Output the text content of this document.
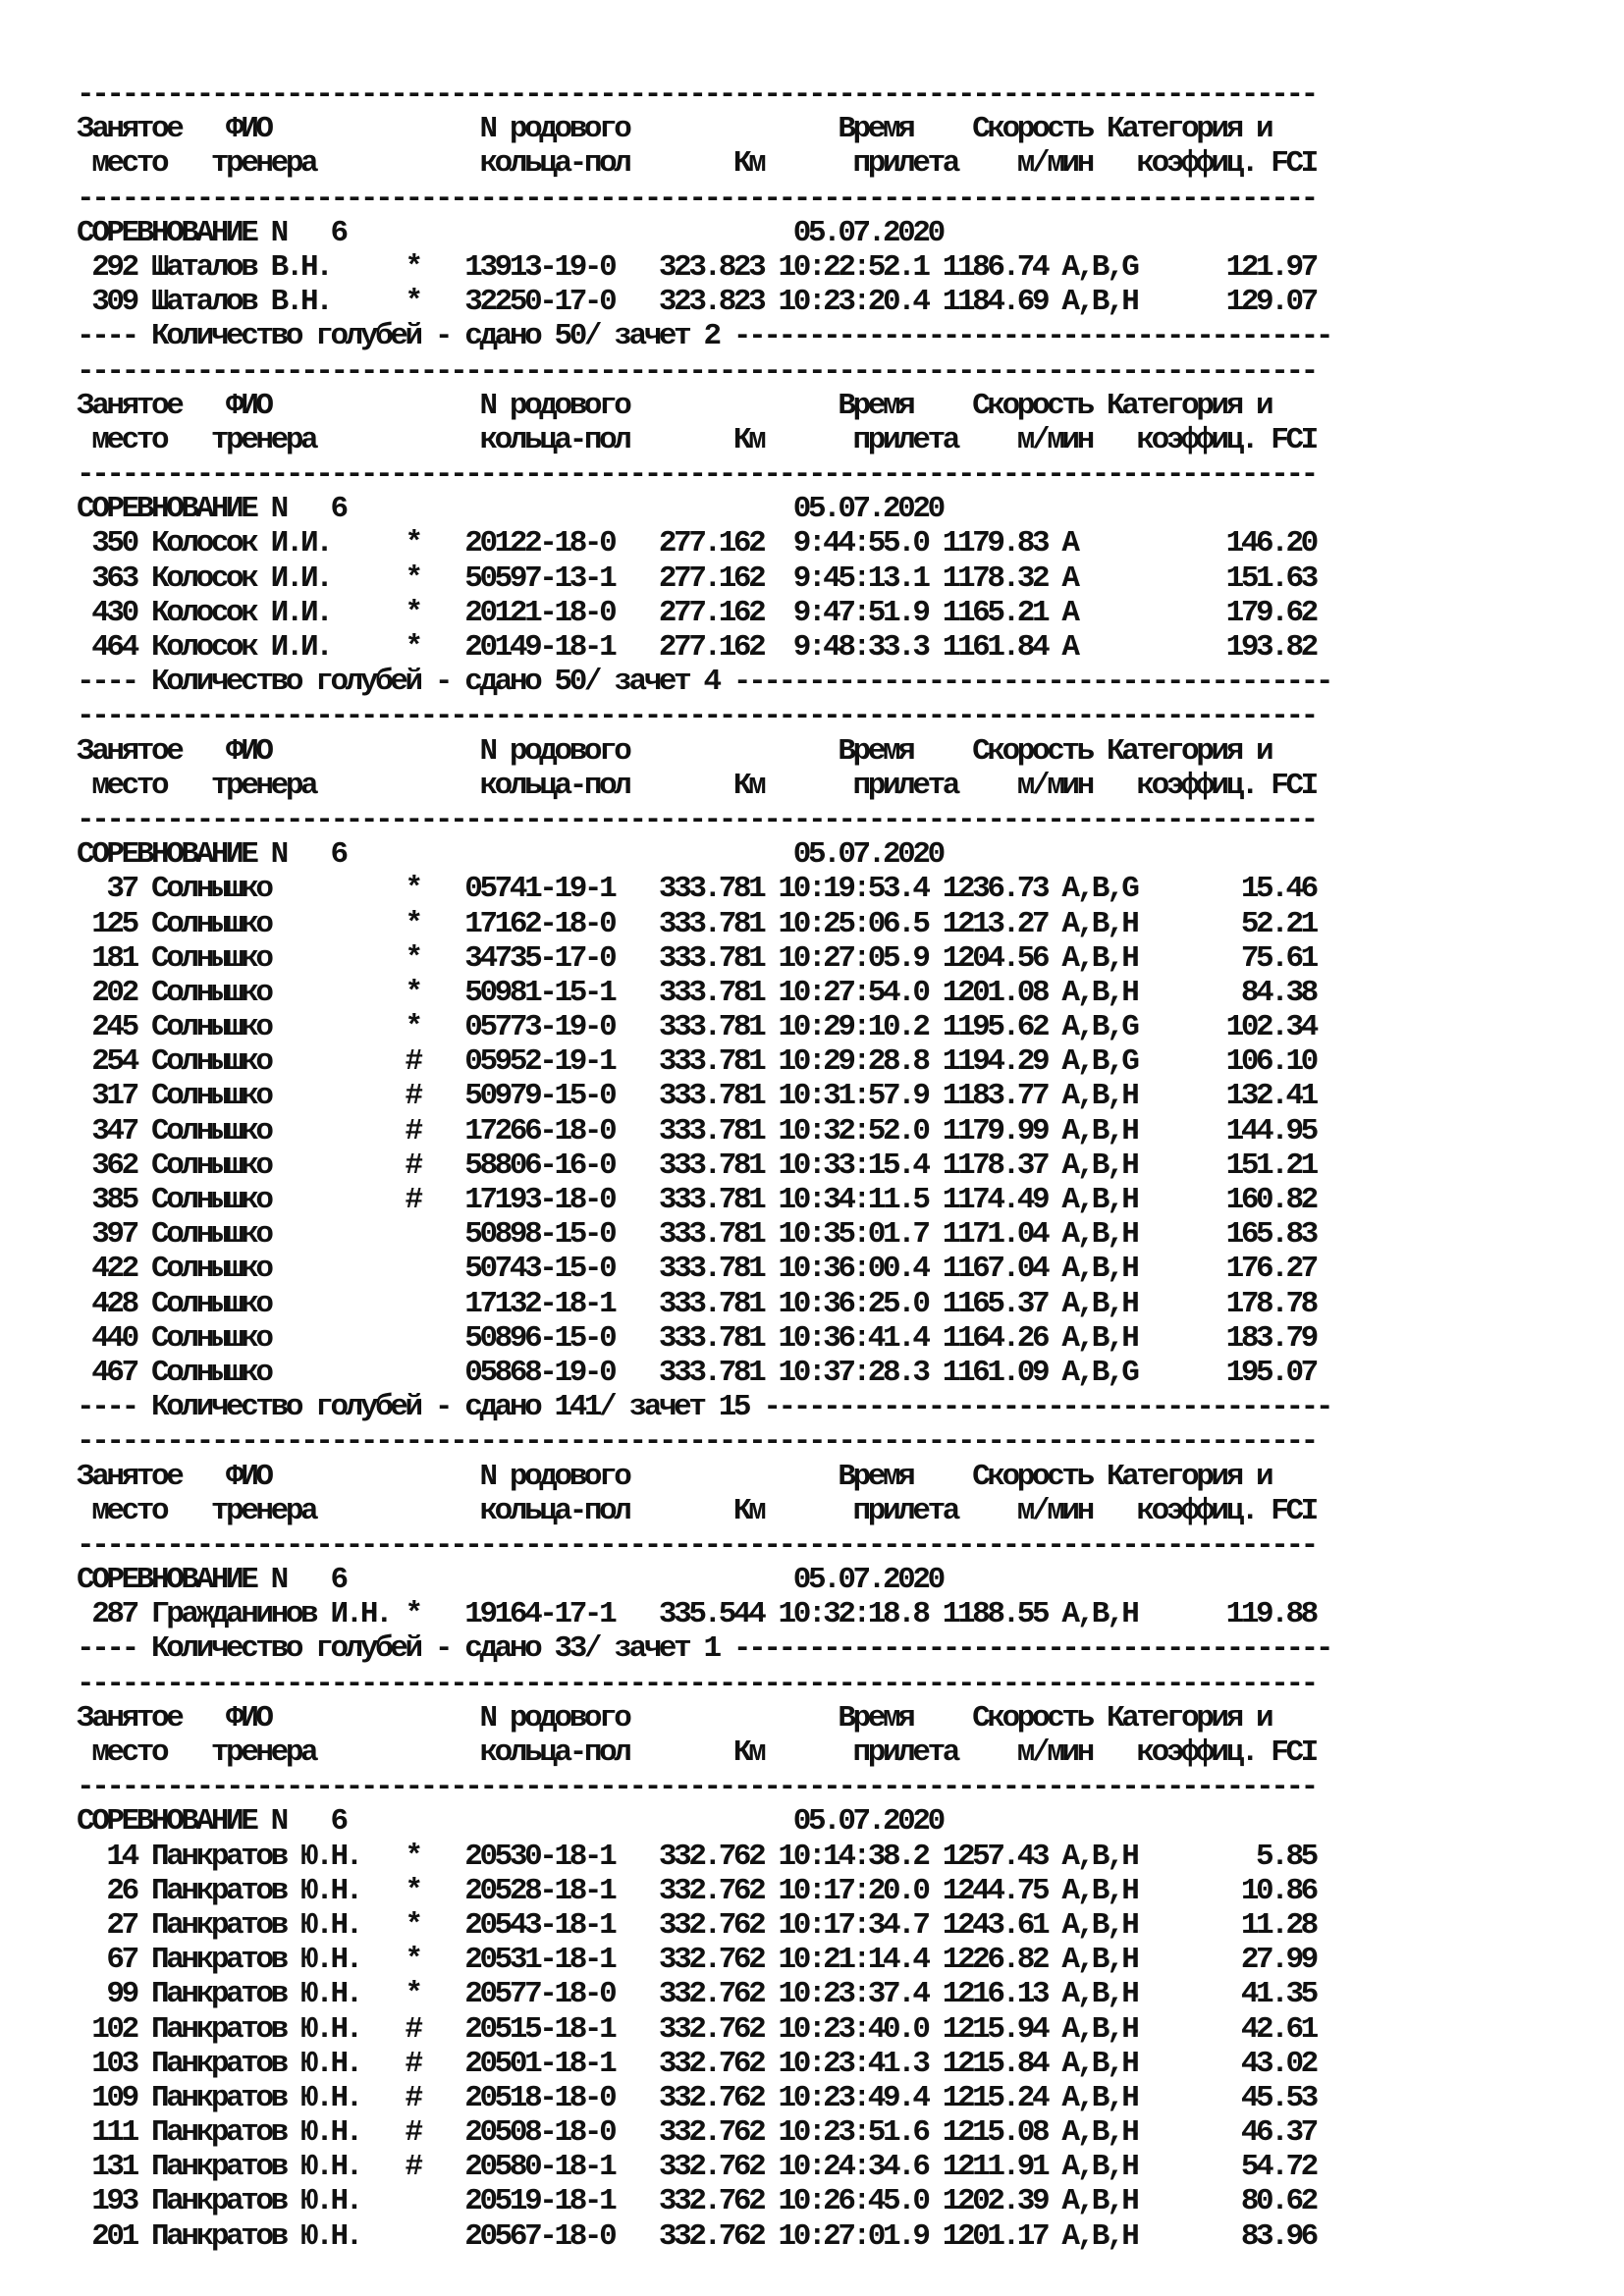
-----------------------------------------------------------------------------------
Занятое   ФИО              N родового              Время    Скорость Категория и
место   тренера           кольца-пол       Км      прилета    м/мин   коэффиц. FCI
-----------------------------------------------------------------------------------
СОРЕВНОВАНИЕ N   6                              05.07.2020
292 Шаталов В.Н.     *   13913-19-0   323.823 10:22:52.1 1186.74 A,B,G      121.97
309 Шаталов В.Н.     *   32250-17-0   323.823 10:23:20.4 1184.69 A,B,H      129.07
---- Количество голубей - сдано 50/ зачет 2 ----------------------------------------
-----------------------------------------------------------------------------------
Занятое   ФИО              N родового              Время    Скорость Категория и
место   тренера           кольца-пол       Км      прилета    м/мин   коэффиц. FCI
-----------------------------------------------------------------------------------
СОРЕВНОВАНИЕ N   6                              05.07.2020
350 Колосок И.И.     *   20122-18-0   277.162  9:44:55.0 1179.83 A          146.20
363 Колосок И.И.     *   50597-13-1   277.162  9:45:13.1 1178.32 A          151.63
430 Колосок И.И.     *   20121-18-0   277.162  9:47:51.9 1165.21 A          179.62
464 Колосок И.И.     *   20149-18-1   277.162  9:48:33.3 1161.84 A          193.82
---- Количество голубей - сдано 50/ зачет 4 ----------------------------------------
-----------------------------------------------------------------------------------
Занятое   ФИО              N родового              Время    Скорость Категория и
место   тренера           кольца-пол       Км      прилета    м/мин   коэффиц. FCI
-----------------------------------------------------------------------------------
СОРЕВНОВАНИЕ N   6                              05.07.2020
37 Солнышко         *   05741-19-1   333.781 10:19:53.4 1236.73 A,B,G       15.46
125 Солнышко         *   17162-18-0   333.781 10:25:06.5 1213.27 A,B,H       52.21
181 Солнышко         *   34735-17-0   333.781 10:27:05.9 1204.56 A,B,H       75.61
202 Солнышко         *   50981-15-1   333.781 10:27:54.0 1201.08 A,B,H       84.38
245 Солнышко         *   05773-19-0   333.781 10:29:10.2 1195.62 A,B,G      102.34
254 Солнышко         #   05952-19-1   333.781 10:29:28.8 1194.29 A,B,G      106.10
317 Солнышко         #   50979-15-0   333.781 10:31:57.9 1183.77 A,B,H      132.41
347 Солнышко         #   17266-18-0   333.781 10:32:52.0 1179.99 A,B,H      144.95
362 Солнышко         #   58806-16-0   333.781 10:33:15.4 1178.37 A,B,H      151.21
385 Солнышко         #   17193-18-0   333.781 10:34:11.5 1174.49 A,B,H      160.82
397 Солнышко             50898-15-0   333.781 10:35:01.7 1171.04 A,B,H      165.83
422 Солнышко             50743-15-0   333.781 10:36:00.4 1167.04 A,B,H      176.27
428 Солнышко             17132-18-1   333.781 10:36:25.0 1165.37 A,B,H      178.78
440 Солнышко             50896-15-0   333.781 10:36:41.4 1164.26 A,B,H      183.79
467 Солнышко             05868-19-0   333.781 10:37:28.3 1161.09 A,B,G      195.07
---- Количество голубей - сдано 141/ зачет 15 --------------------------------------
-----------------------------------------------------------------------------------
Занятое   ФИО              N родового              Время    Скорость Категория и
место   тренера           кольца-пол       Км      прилета    м/мин   коэффиц. FCI
-----------------------------------------------------------------------------------
СОРЕВНОВАНИЕ N   6                              05.07.2020
287 Гражданинов И.Н. *   19164-17-1   335.544 10:32:18.8 1188.55 A,B,H      119.88
---- Количество голубей - сдано 33/ зачет 1 ----------------------------------------
-----------------------------------------------------------------------------------
Занятое   ФИО              N родового              Время    Скорость Категория и
место   тренера           кольца-пол       Км      прилета    м/мин   коэффиц. FCI
-----------------------------------------------------------------------------------
СОРЕВНОВАНИЕ N   6                              05.07.2020
14 Панкратов Ю.Н.   *   20530-18-1   332.762 10:14:38.2 1257.43 A,B,H        5.85
26 Панкратов Ю.Н.   *   20528-18-1   332.762 10:17:20.0 1244.75 A,B,H       10.86
27 Панкратов Ю.Н.   *   20543-18-1   332.762 10:17:34.7 1243.61 A,B,H       11.28
67 Панкратов Ю.Н.   *   20531-18-1   332.762 10:21:14.4 1226.82 A,B,H       27.99
99 Панкратов Ю.Н.   *   20577-18-0   332.762 10:23:37.4 1216.13 A,B,H       41.35
102 Панкратов Ю.Н.   #   20515-18-1   332.762 10:23:40.0 1215.94 A,B,H       42.61
103 Панкратов Ю.Н.   #   20501-18-1   332.762 10:23:41.3 1215.84 A,B,H       43.02
109 Панкратов Ю.Н.   #   20518-18-0   332.762 10:23:49.4 1215.24 A,B,H       45.53
111 Панкратов Ю.Н.   #   20508-18-0   332.762 10:23:51.6 1215.08 A,B,H       46.37
131 Панкратов Ю.Н.   #   20580-18-1   332.762 10:24:34.6 1211.91 A,B,H       54.72
193 Панкратов Ю.Н.       20519-18-1   332.762 10:26:45.0 1202.39 A,B,H       80.62
201 Панкратов Ю.Н.       20567-18-0   332.762 10:27:01.9 1201.17 A,B,H       83.96
